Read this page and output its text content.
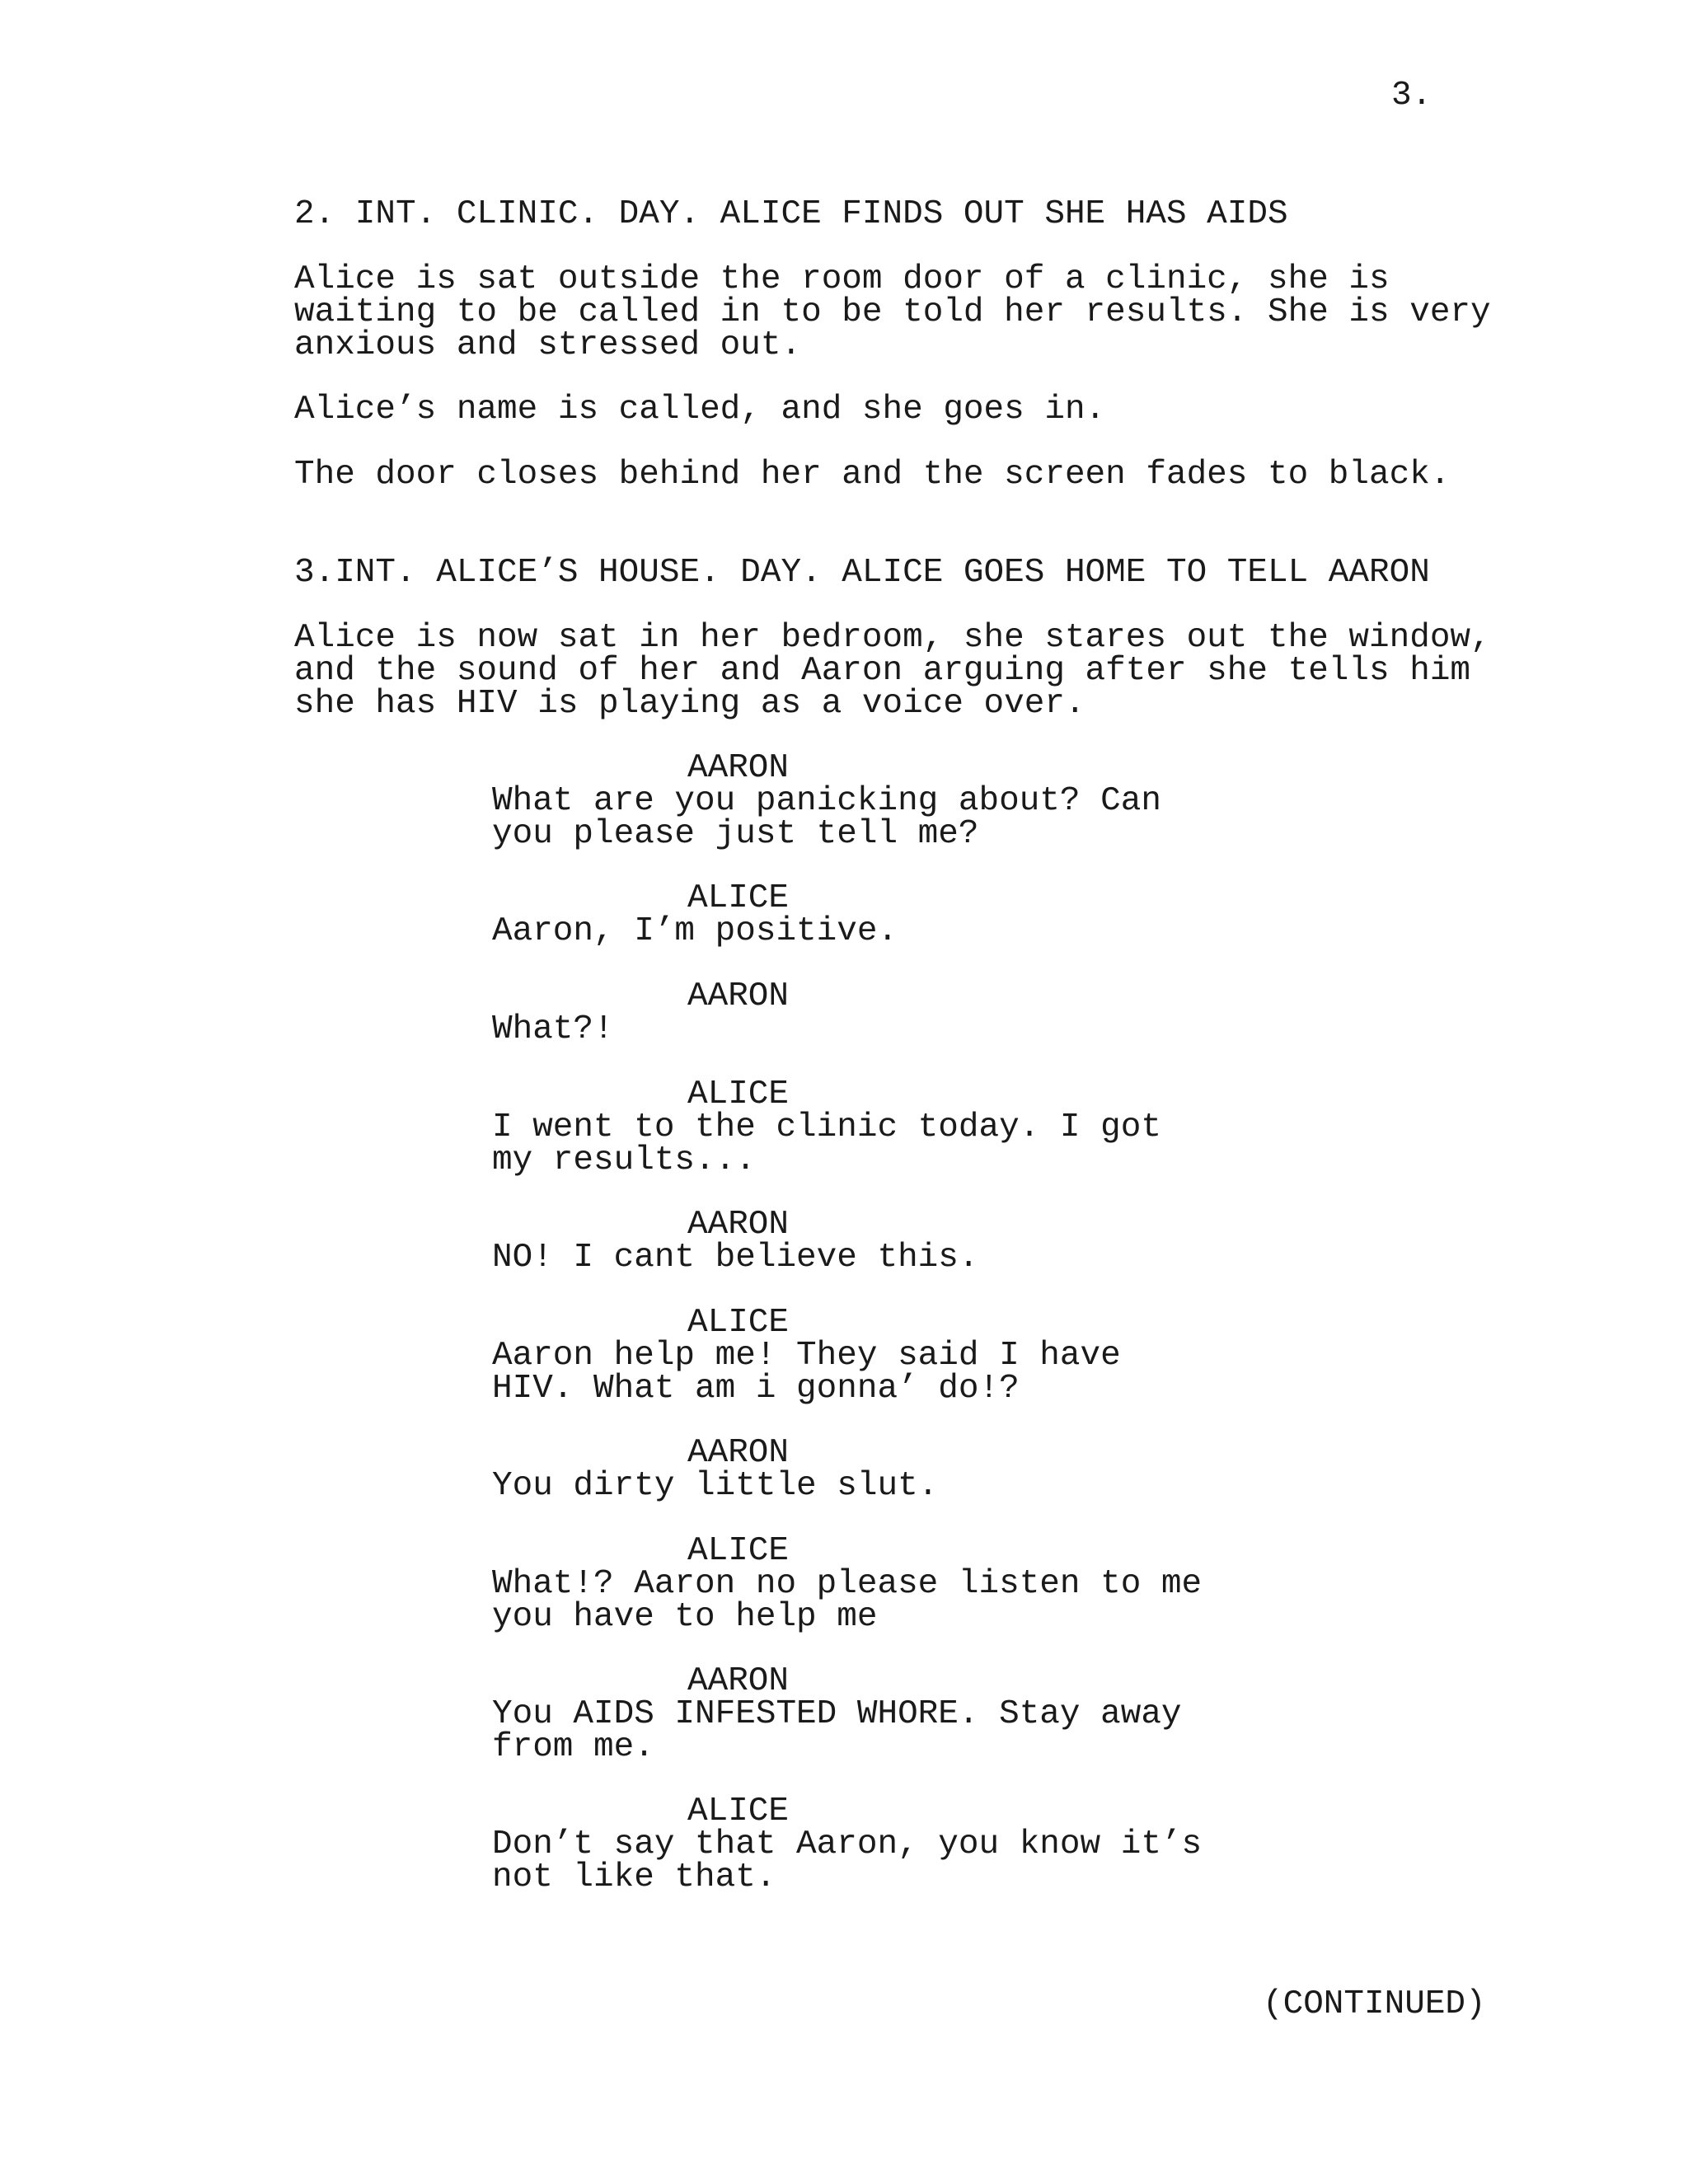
3.
2. INT. CLINIC. DAY. ALICE FINDS OUT SHE HAS AIDS
Alice is sat outside the room door of a clinic, she is
waiting to be called in to be told her results. She is very
anxious and stressed out.
Alice’s name is called, and she goes in.
The door closes behind her and the screen fades to black.
3.INT. ALICE’S HOUSE. DAY. ALICE GOES HOME TO TELL AARON
Alice is now sat in her bedroom, she stares out the window,
and the sound of her and Aaron arguing after she tells him
she has HIV is playing as a voice over.
AARON
What are you panicking about? Can
you please just tell me?
ALICE
Aaron, I’m positive.
AARON
What?!
ALICE
I went to the clinic today. I got
my results...
AARON
NO! I cant believe this.
ALICE
Aaron help me! They said I have
HIV. What am i gonna’ do!?
AARON
You dirty little slut.
ALICE
What!? Aaron no please listen to me
you have to help me
AARON
You AIDS INFESTED WHORE. Stay away
from me.
ALICE
Don’t say that Aaron, you know it’s
not like that.
(CONTINUED)
